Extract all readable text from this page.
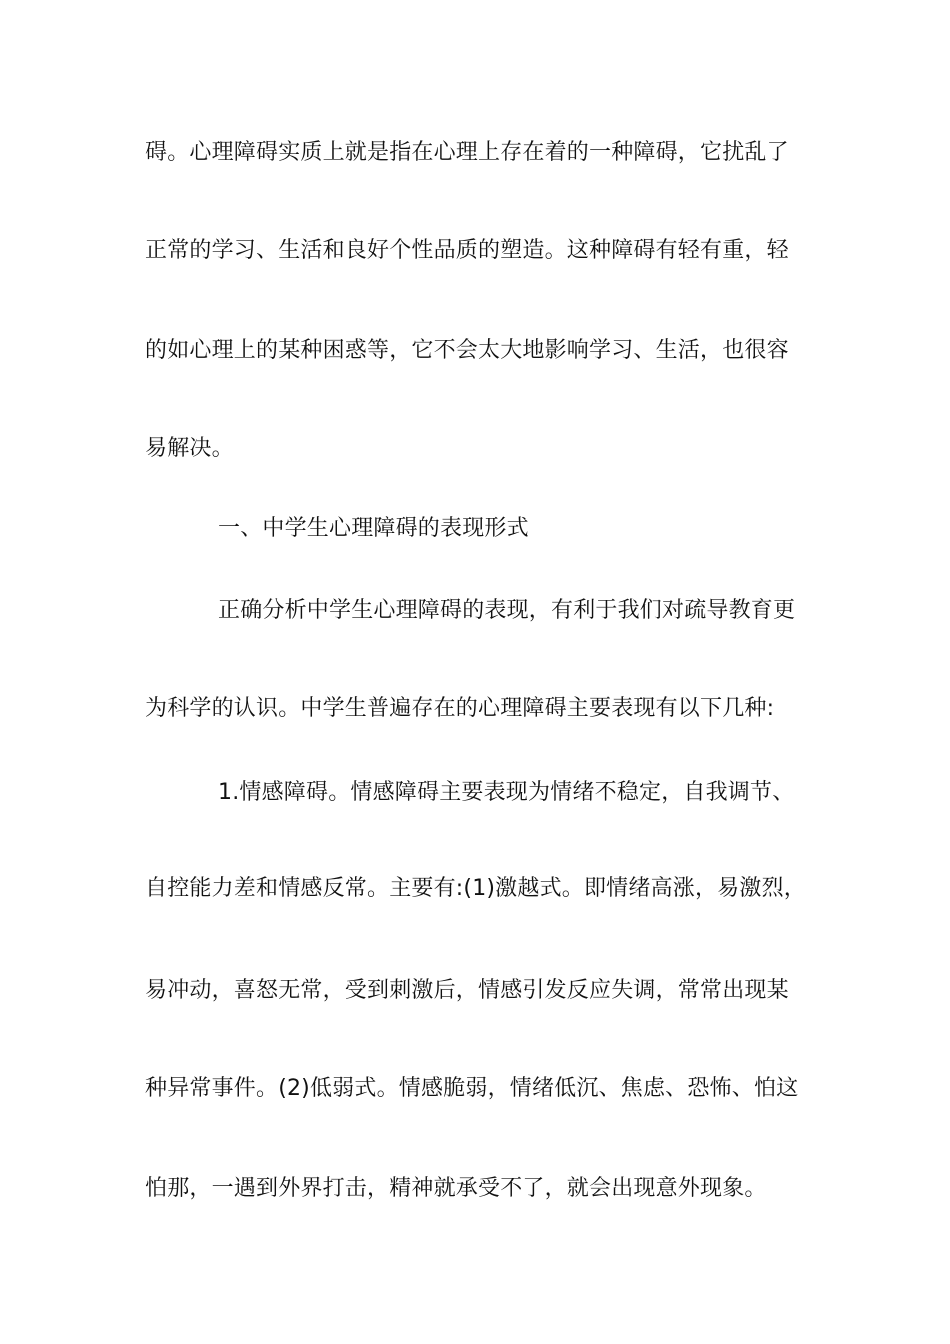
碍。心理障碍实质上就是指在心理上存在着的一种障碍，它扰乱了
正常的学习、生活和良好个性品质的塑造。这种障碍有轻有重，轻
的如心理上的某种困惑等，它不会太大地影响学习、生活，也很容
易解决。
一、中学生心理障碍的表现形式
正确分析中学生心理障碍的表现，有利于我们对疏导教育更
为科学的认识。中学生普遍存在的心理障碍主要表现有以下几种:
1.情感障碍。情感障碍主要表现为情绪不稳定，自我调节、
自控能力差和情感反常。主要有:(1)激越式。即情绪高涨，易激烈，
易冲动，喜怒无常，受到刺激后，情感引发反应失调，常常出现某
种异常事件。(2)低弱式。情感脆弱，情绪低沉、焦虑、恐怖、怕这
怕那，一遇到外界打击，精神就承受不了，就会出现意外现象。
